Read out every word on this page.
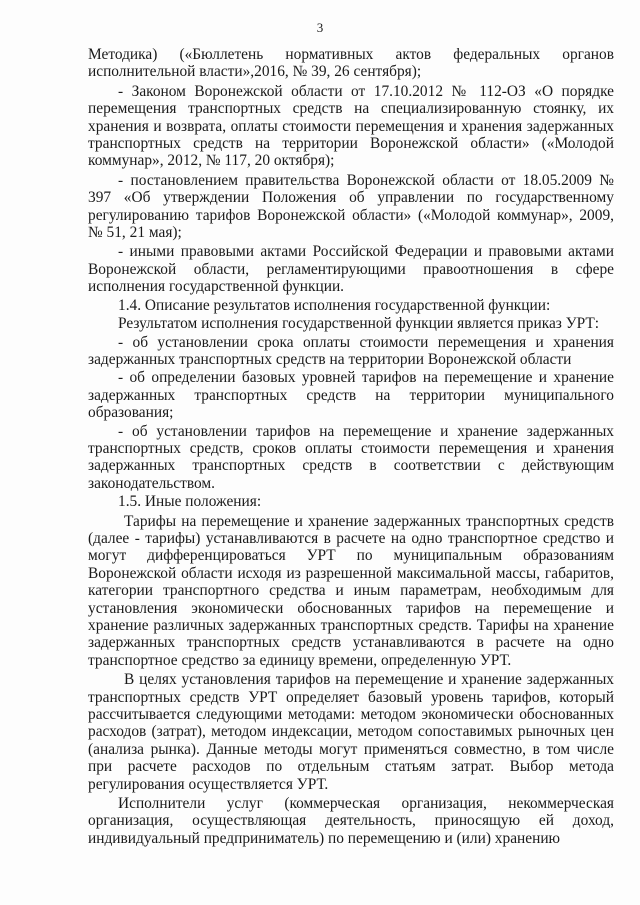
3

Методика) («Бюллетень нормативных актов федеральных органов исполнительной власти»,2016, № 39, 26 сентября);

- Законом Воронежской области от 17.10.2012 № 112-ОЗ «О порядке перемещения транспортных средств на специализированную стоянку, их хранения и возврата, оплаты стоимости перемещения и хранения задержанных транспортных средств на территории Воронежской области» («Молодой коммунар», 2012, № 117, 20 октября);

- постановлением правительства Воронежской области от 18.05.2009 № 397 «Об утверждении Положения об управлении по государственному регулированию тарифов Воронежской области» («Молодой коммунар», 2009, № 51, 21 мая);

- иными правовыми актами Российской Федерации и правовыми актами Воронежской области, регламентирующими правоотношения в сфере исполнения государственной функции.

1.4. Описание результатов исполнения государственной функции:

Результатом исполнения государственной функции является приказ УРТ:

- об установлении срока оплаты стоимости перемещения и хранения задержанных транспортных средств на территории Воронежской области

- об определении базовых уровней тарифов на перемещение и хранение задержанных транспортных средств на территории муниципального образования;

- об установлении тарифов на перемещение и хранение задержанных транспортных средств, сроков оплаты стоимости перемещения и хранения задержанных транспортных средств в соответствии с действующим законодательством.

1.5. Иные положения:

Тарифы на перемещение и хранение задержанных транспортных средств (далее - тарифы) устанавливаются в расчете на одно транспортное средство и могут дифференцироваться УРТ по муниципальным образованиям Воронежской области исходя из разрешенной максимальной массы, габаритов, категории транспортного средства и иным параметрам, необходимым для установления экономически обоснованных тарифов на перемещение и хранение различных задержанных транспортных средств. Тарифы на хранение задержанных транспортных средств устанавливаются в расчете на одно транспортное средство за единицу времени, определенную УРТ.

В целях установления тарифов на перемещение и хранение задержанных транспортных средств УРТ определяет базовый уровень тарифов, который рассчитывается следующими методами: методом экономически обоснованных расходов (затрат), методом индексации, методом сопоставимых рыночных цен (анализа рынка). Данные методы могут применяться совместно, в том числе при расчете расходов по отдельным статьям затрат. Выбор метода регулирования осуществляется УРТ.

Исполнители услуг (коммерческая организация, некоммерческая организация, осуществляющая деятельность, приносящую ей доход, индивидуальный предприниматель) по перемещению и (или) хранению
